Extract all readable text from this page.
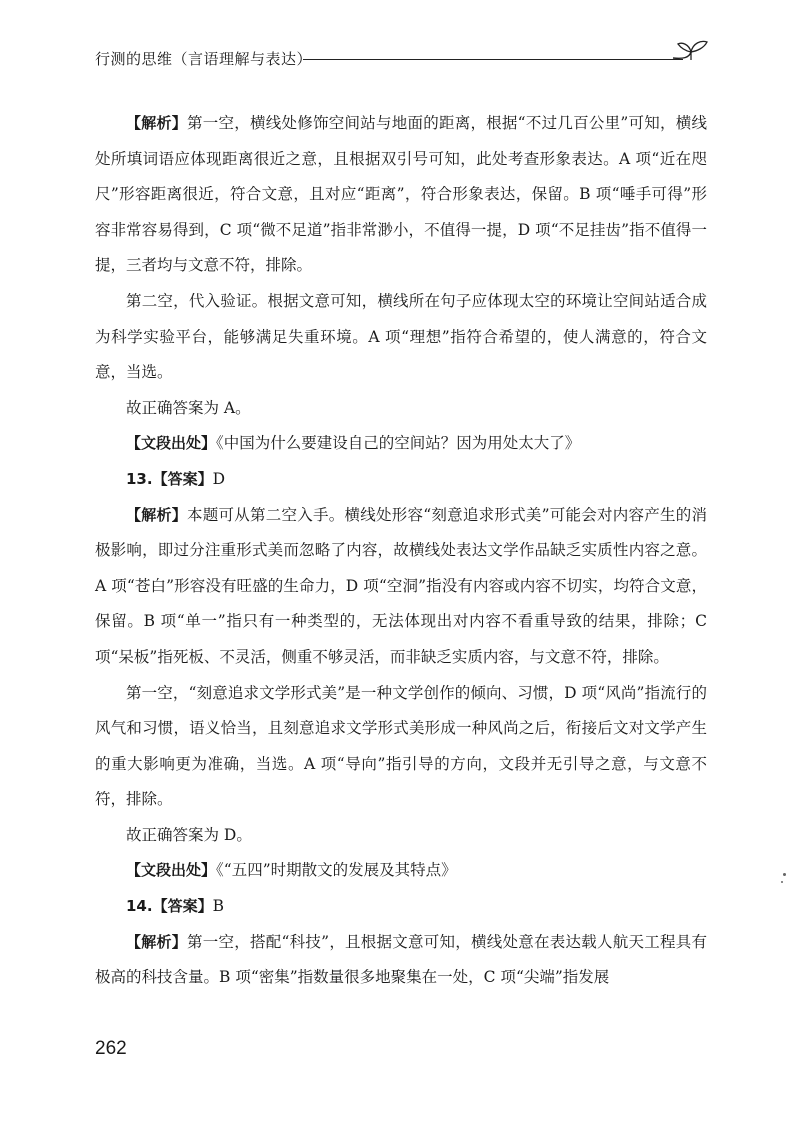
行测的思维（言语理解与表达）

【解析】第一空，横线处修饰空间站与地面的距离，根据“不过几百公里”可知，横线处所填词语应体现距离很近之意，且根据双引号可知，此处考查形象表达。A 项“近在咫尺”形容距离很近，符合文意，且对应“距离”，符合形象表达，保留。B 项“唾手可得”形容非常容易得到，C 项“微不足道”指非常渺小，不值得一提，D 项“不足挂齿”指不值得一提，三者均与文意不符，排除。

第二空，代入验证。根据文意可知，横线所在句子应体现太空的环境让空间站适合成为科学实验平台，能够满足失重环境。A 项“理想”指符合希望的，使人满意的，符合文意，当选。

故正确答案为 A。

【文段出处】《中国为什么要建设自己的空间站？因为用处太大了》

13.【答案】D

【解析】本题可从第二空入手。横线处形容“刻意追求形式美”可能会对内容产生的消极影响，即过分注重形式美而忽略了内容，故横线处表达文学作品缺乏实质性内容之意。A 项“苍白”形容没有旺盛的生命力，D 项“空洞”指没有内容或内容不切实，均符合文意，保留。B 项“单一”指只有一种类型的，无法体现出对内容不看重导致的结果，排除；C 项“呆板”指死板、不灵活，侧重不够灵活，而非缺乏实质内容，与文意不符，排除。

第一空，“刻意追求文学形式美”是一种文学创作的倾向、习惯，D 项“风尚”指流行的风气和习惯，语义恰当，且刻意追求文学形式美形成一种风尚之后，衔接后文对文学产生的重大影响更为准确，当选。A 项“导向”指引导的方向，文段并无引导之意，与文意不符，排除。

故正确答案为 D。

【文段出处】《“五四”时期散文的发展及其特点》

14.【答案】B

【解析】第一空，搭配“科技”，且根据文意可知，横线处意在表达载人航天工程具有极高的科技含量。B 项“密集”指数量很多地聚集在一处，C 项“尖端”指发展

262
